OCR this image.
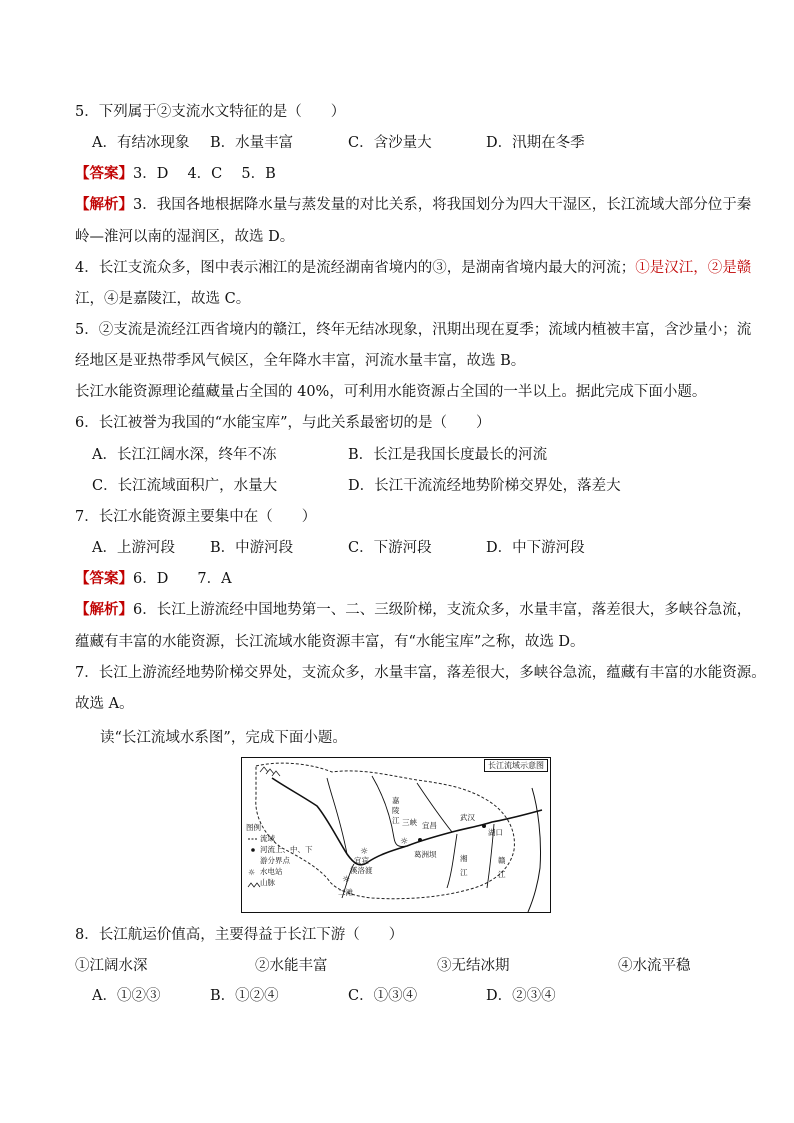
5．下列属于②支流水文特征的是（　　）
A．有结冰现象 B．水量丰富	C．含沙量大	D．汛期在冬季
【答案】3．D　 4．C　 5．B
【解析】3．我国各地根据降水量与蒸发量的对比关系，将我国划分为四大干湿区，长江流域大部分位于秦
岭—淮河以南的湿润区，故选 D。
4．长江支流众多，图中表示湘江的是流经湖南省境内的③，是湖南省境内最大的河流；①是汉江，②是赣
江，④是嘉陵江，故选 C。
5．②支流是流经江西省境内的赣江，终年无结冰现象，汛期出现在夏季；流域内植被丰富，含沙量小；流
经地区是亚热带季风气候区，全年降水丰富，河流水量丰富，故选 B。
长江水能资源理论蕴藏量占全国的 40%，可利用水能资源占全国的一半以上。据此完成下面小题。
6．长江被誉为我国的“水能宝库”，与此关系最密切的是（　　）
A．长江江阔水深，终年不冻	B．长江是我国长度最长的河流
C．长江流域面积广，水量大	D．长江干流流经地势阶梯交界处，落差大
7．长江水能资源主要集中在（　　）
A．上游河段 B．中游河段	C．下游河段	D．中下游河段
【答案】6．D　　7．A
【解析】6．长江上游流经中国地势第一、二、三级阶梯，支流众多，水量丰富，落差很大，多峡谷急流，
蕴藏有丰富的水能资源，长江流域水能资源丰富，有“水能宝库”之称，故选 D。
7．长江上游流经地势阶梯交界处，支流众多，水量丰富，落差很大，多峡谷急流，蕴藏有丰富的水能资源。
故选 A。
读“长江流域水系图”，完成下面小题。
☼
☼
☼
☼
长江流域示意图
图例
流域
河流上、中、下
游分界点
水电站
山脉
嘉
陵
江 三峡
葛洲坝
宜昌
武汉
湖口
宜宾
溪洛渡
二滩
湘
江
赣
江
8．长江航运价值高，主要得益于长江下游（　　）
①江阔水深	②水能丰富	③无结冰期	④水流平稳
A．①②③	B．①②④	C．①③④	D．②③④
